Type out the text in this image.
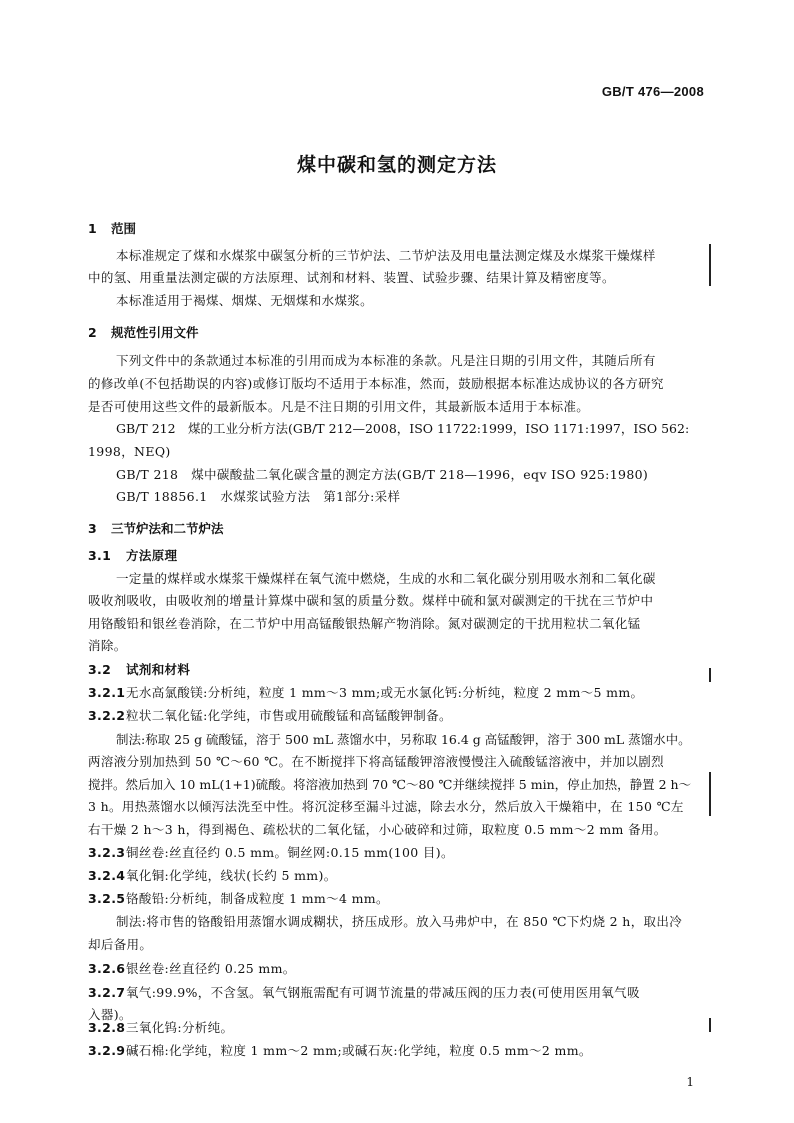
GB/T 476—2008
煤中碳和氢的测定方法
1 范围
本标准规定了煤和水煤浆中碳氢分析的三节炉法、二节炉法及用电量法测定煤及水煤浆干燥煤样
中的氢、用重量法测定碳的方法原理、试剂和材料、装置、试验步骤、结果计算及精密度等。
本标准适用于褐煤、烟煤、无烟煤和水煤浆。
2 规范性引用文件
下列文件中的条款通过本标准的引用而成为本标准的条款。凡是注日期的引用文件，其随后所有
的修改单(不包括勘误的内容)或修订版均不适用于本标准，然而，鼓励根据本标准达成协议的各方研究
是否可使用这些文件的最新版本。凡是不注日期的引用文件，其最新版本适用于本标准。
GB/T 212　煤的工业分析方法(GB/T 212—2008，ISO 11722:1999，ISO 1171:1997，ISO 562:
1998，NEQ)
GB/T 218　煤中碳酸盐二氧化碳含量的测定方法(GB/T 218—1996，eqv ISO 925:1980)
GB/T 18856.1　水煤浆试验方法　第1部分:采样
3 三节炉法和二节炉法
3.1 方法原理
一定量的煤样或水煤浆干燥煤样在氧气流中燃烧，生成的水和二氧化碳分别用吸水剂和二氧化碳
吸收剂吸收，由吸收剂的增量计算煤中碳和氢的质量分数。煤样中硫和氯对碳测定的干扰在三节炉中
用铬酸铅和银丝卷消除，在二节炉中用高锰酸银热解产物消除。氮对碳测定的干扰用粒状二氧化锰
消除。
3.2 试剂和材料
3.2.1无水高氯酸镁:分析纯，粒度 1 mm～3 mm;或无水氯化钙:分析纯，粒度 2 mm～5 mm。
3.2.2粒状二氧化锰:化学纯，市售或用硫酸锰和高锰酸钾制备。
制法:称取 25 g 硫酸锰，溶于 500 mL 蒸馏水中，另称取 16.4 g 高锰酸钾，溶于 300 mL 蒸馏水中。
两溶液分别加热到 50 ℃～60 ℃。在不断搅拌下将高锰酸钾溶液慢慢注入硫酸锰溶液中，并加以剧烈
搅拌。然后加入 10 mL(1+1)硫酸。将溶液加热到 70 ℃～80 ℃并继续搅拌 5 min，停止加热，静置 2 h～
3 h。用热蒸馏水以倾泻法洗至中性。将沉淀移至漏斗过滤，除去水分，然后放入干燥箱中，在 150 ℃左
右干燥 2 h～3 h，得到褐色、疏松状的二氧化锰，小心破碎和过筛，取粒度 0.5 mm～2 mm 备用。
3.2.3铜丝卷:丝直径约 0.5 mm。铜丝网:0.15 mm(100 目)。
3.2.4氧化铜:化学纯，线状(长约 5 mm)。
3.2.5铬酸铅:分析纯，制备成粒度 1 mm～4 mm。
制法:将市售的铬酸铅用蒸馏水调成糊状，挤压成形。放入马弗炉中，在 850 ℃下灼烧 2 h，取出冷
却后备用。
3.2.6银丝卷:丝直径约 0.25 mm。
3.2.7氧气:99.9%，不含氢。氧气钢瓶需配有可调节流量的带减压阀的压力表(可使用医用氧气吸
入器)。
3.2.8三氧化钨:分析纯。
3.2.9碱石棉:化学纯，粒度 1 mm～2 mm;或碱石灰:化学纯，粒度 0.5 mm～2 mm。
1
